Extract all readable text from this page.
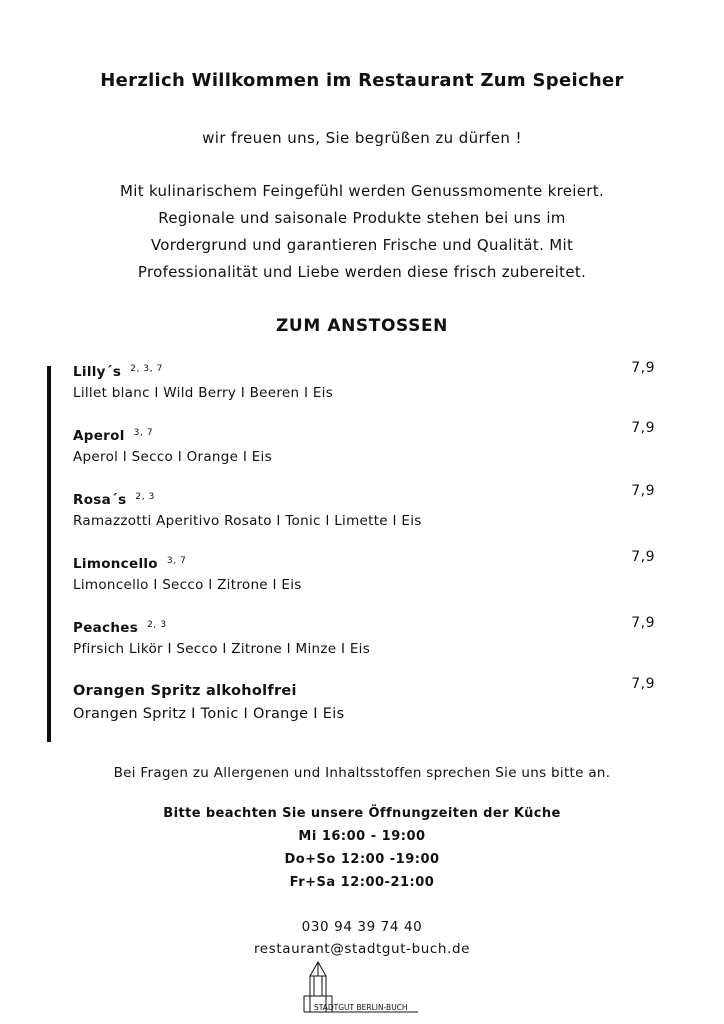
Herzlich Willkommen im Restaurant Zum Speicher
wir freuen uns, Sie begrüßen zu dürfen !
Mit kulinarischem Feingefühl werden Genussmomente kreiert.
Regionale und saisonale Produkte stehen bei uns im
Vordergrund und garantieren Frische und Qualität. Mit
Professionalität und Liebe werden diese frisch zubereitet.
ZUM ANSTOSSEN
Lilly´s $^{2, 3, 7}$
Lillet blanc I Wild Berry I Beeren I Eis
7,9
Aperol $^{3, 7}$
Aperol I Secco I Orange I Eis
7,9
Rosa´s $^{2, 3}$
Ramazzotti Aperitivo Rosato I Tonic I Limette I Eis
7,9
Limoncello $^{3, 7}$
Limoncello I Secco I Zitrone I Eis
7,9
Peaches $^{2, 3}$
Pfirsich Likör I Secco I Zitrone I Minze I Eis
7,9
Orangen Spritz alkoholfrei
Orangen Spritz I Tonic I Orange I Eis
7,9
Bei Fragen zu Allergenen und Inhaltsstoffen sprechen Sie uns bitte an.
Bitte beachten Sie unsere Öffnungzeiten der Küche
Mi 16:00 - 19:00
Do+So 12:00 -19:00
Fr+Sa 12:00-21:00
030 94 39 74 40
restaurant@stadtgut-buch.de
STADTGUT BERLIN-BUCH
